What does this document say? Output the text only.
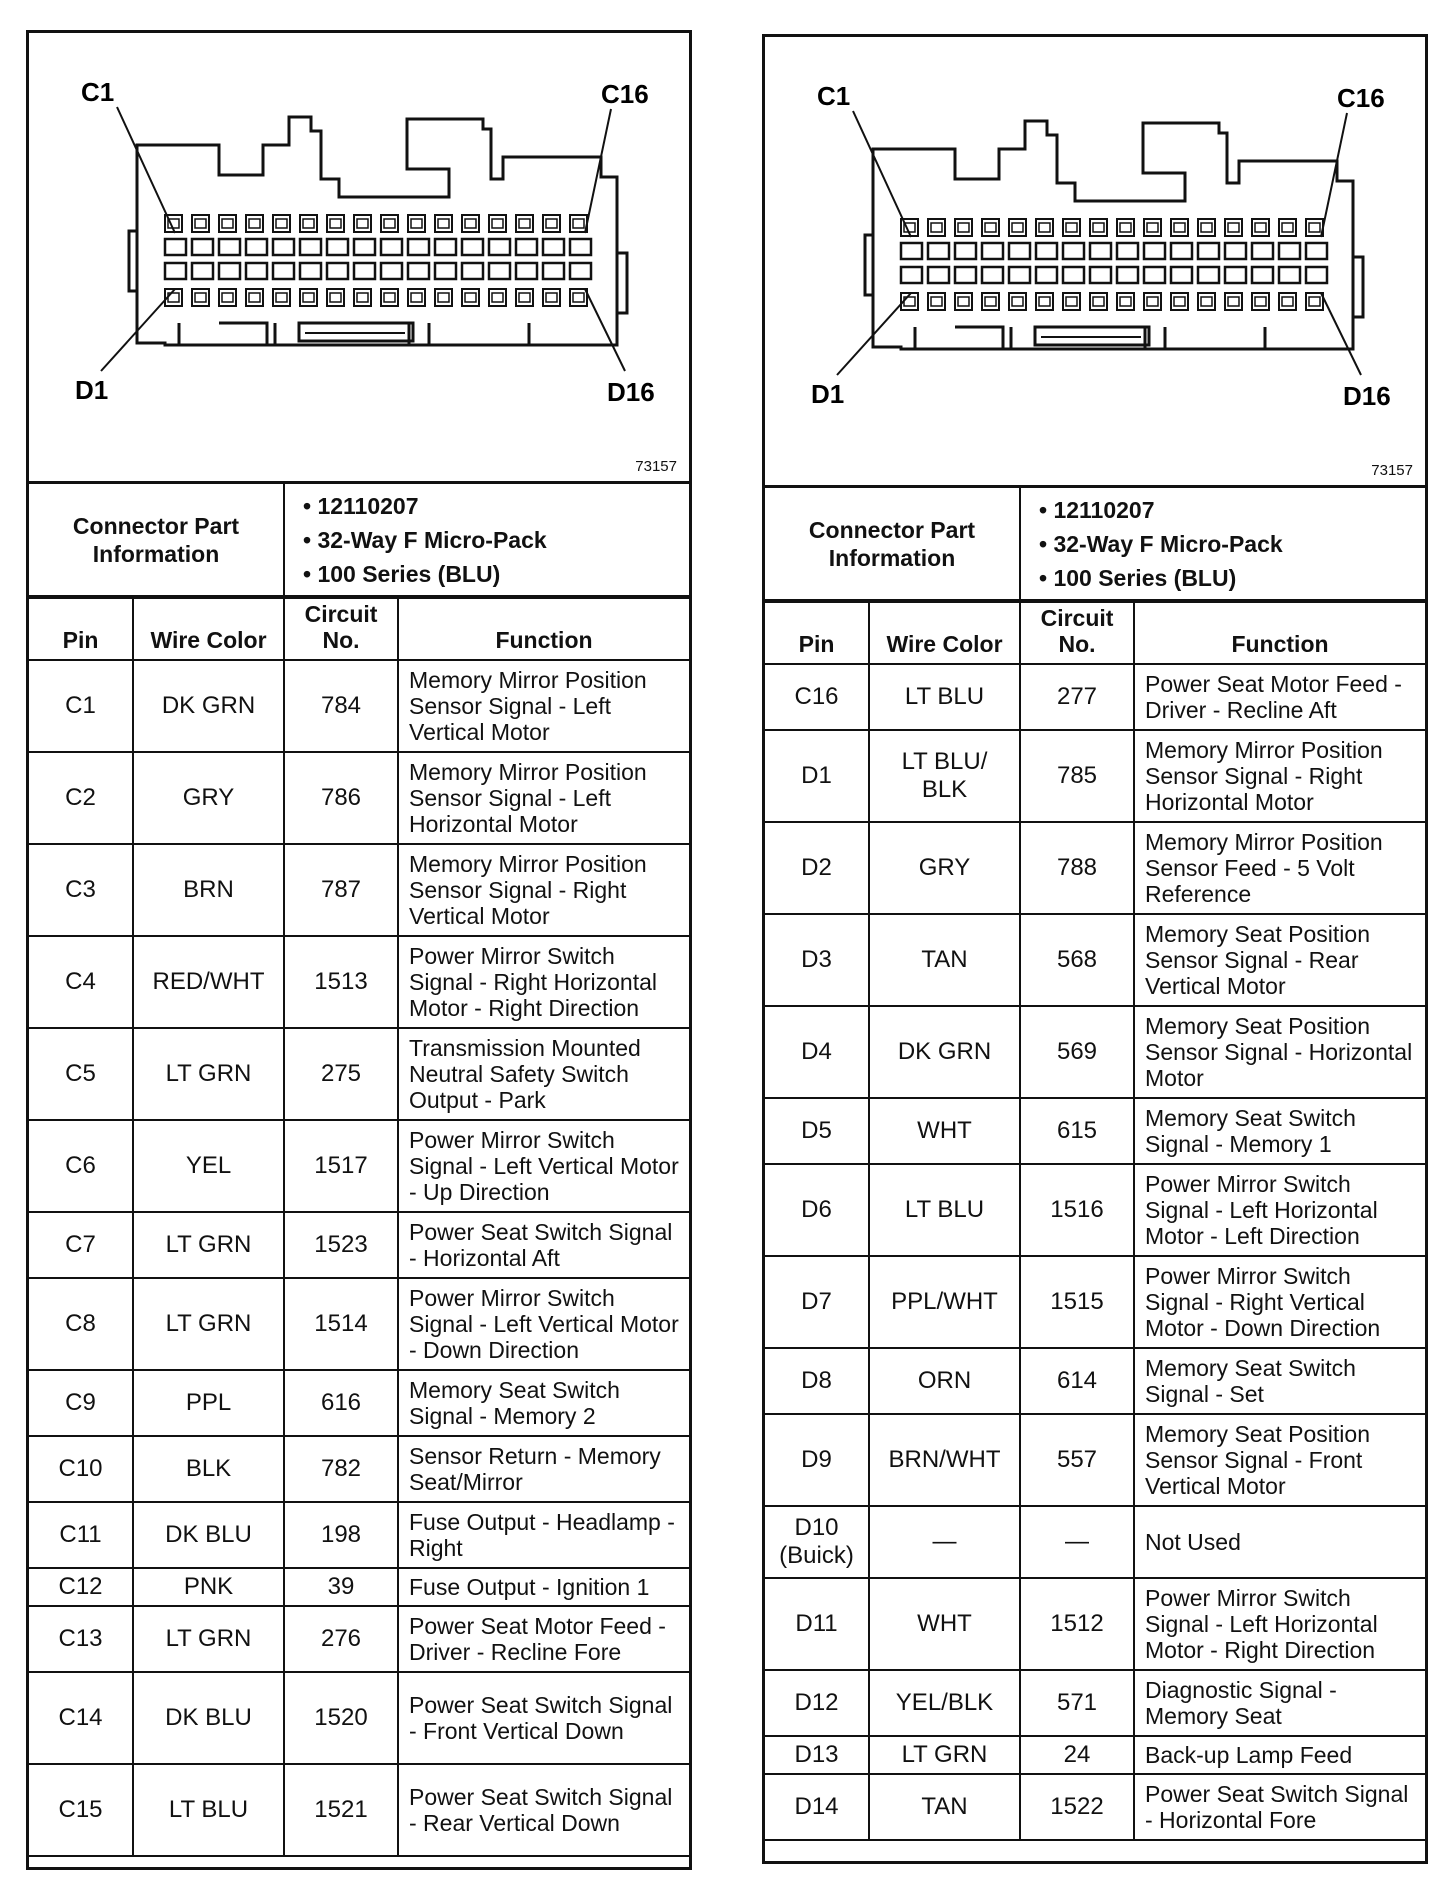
C1	C16
D1	D16
73157
Connector Part Information	
• 12110207
• 32-Way F Micro-Pack
• 100 Series (BLU)
Pin	Wire Color	Circuit No.	Function
C1	DK GRN	784	Memory Mirror Position Sensor Signal - Left Vertical Motor
C2	GRY	786	Memory Mirror Position Sensor Signal - Left Horizontal Motor
C3	BRN	787	Memory Mirror Position Sensor Signal - Right Vertical Motor
C4	RED/WHT	1513	Power Mirror Switch Signal - Right Horizontal Motor - Right Direction
C5	LT GRN	275	Transmission Mounted Neutral Safety Switch Output - Park
C6	YEL	1517	Power Mirror Switch Signal - Left Vertical Motor - Up Direction
C7	LT GRN	1523	Power Seat Switch Signal - Horizontal Aft
C8	LT GRN	1514	Power Mirror Switch Signal - Left Vertical Motor - Down Direction
C9	PPL	616	Memory Seat Switch Signal - Memory 2
C10	BLK	782	Sensor Return - Memory Seat/Mirror
C11	DK BLU	198	Fuse Output - Headlamp - Right
C12	PNK	39	Fuse Output - Ignition 1
C13	LT GRN	276	Power Seat Motor Feed - Driver - Recline Fore
C14	DK BLU	1520	Power Seat Switch Signal - Front Vertical Down
C15	LT BLU	1521	Power Seat Switch Signal - Rear Vertical Down
C1	C16
D1	D16
73157
Connector Part Information	
• 12110207
• 32-Way F Micro-Pack
• 100 Series (BLU)
Pin	Wire Color	Circuit No.	Function
C16	LT BLU	277	Power Seat Motor Feed - Driver - Recline Aft
D1	LT BLU/ BLK	785	Memory Mirror Position Sensor Signal - Right Horizontal Motor
D2	GRY	788	Memory Mirror Position Sensor Feed - 5 Volt Reference
D3	TAN	568	Memory Seat Position Sensor Signal - Rear Vertical Motor
D4	DK GRN	569	Memory Seat Position Sensor Signal - Horizontal Motor
D5	WHT	615	Memory Seat Switch Signal - Memory 1
D6	LT BLU	1516	Power Mirror Switch Signal - Left Horizontal Motor - Left Direction
D7	PPL/WHT	1515	Power Mirror Switch Signal - Right Vertical Motor - Down Direction
D8	ORN	614	Memory Seat Switch Signal - Set
D9	BRN/WHT	557	Memory Seat Position Sensor Signal - Front Vertical Motor
D10 (Buick)	—	—	Not Used
D11	WHT	1512	Power Mirror Switch Signal - Left Horizontal Motor - Right Direction
D12	YEL/BLK	571	Diagnostic Signal - Memory Seat
D13	LT GRN	24	Back-up Lamp Feed
D14	TAN	1522	Power Seat Switch Signal - Horizontal Fore
